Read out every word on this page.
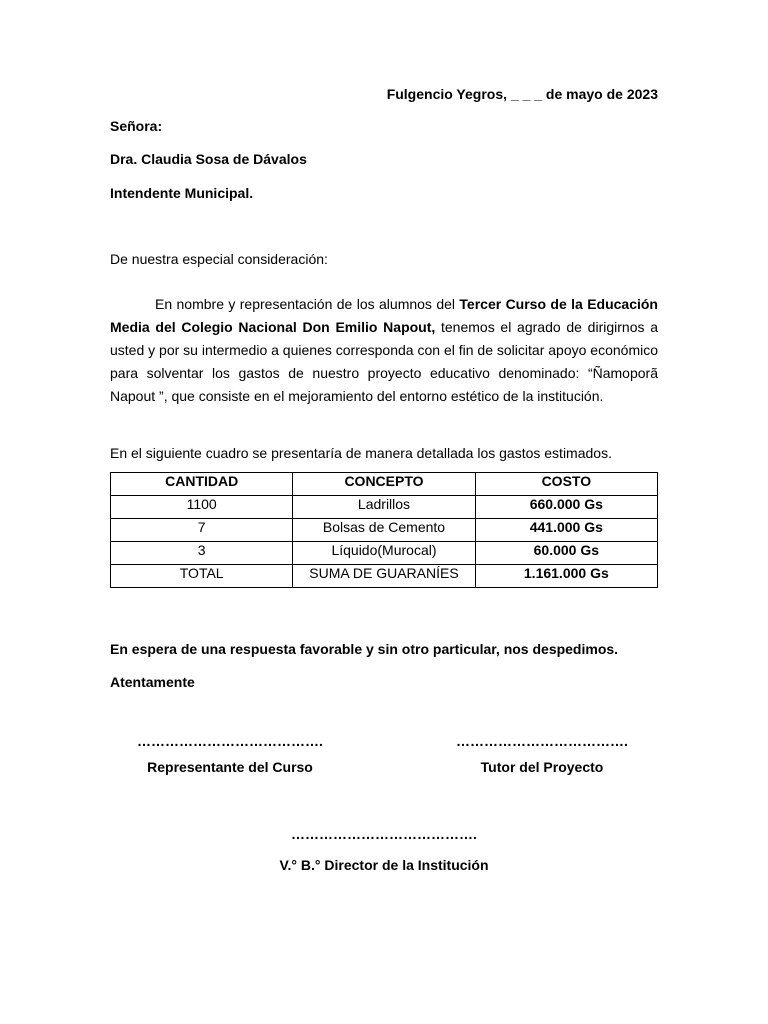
Fulgencio Yegros, _ _ _ de mayo de 2023

Señora:

Dra. Claudia Sosa de Dávalos

Intendente Municipal.

De nuestra especial consideración:

En nombre y representación de los alumnos del Tercer Curso de la Educación Media del Colegio Nacional Don Emilio Napout, tenemos el agrado de dirigirnos a usted y por su intermedio a quienes corresponda con el fin de solicitar apoyo económico para solventar los gastos de nuestro proyecto educativo denominado: “Ñamoporã Napout ”, que consiste en el mejoramiento del entorno estético de la institución.

En el siguiente cuadro se presentaría de manera detallada los gastos estimados.

CANTIDAD	CONCEPTO	COSTO
1100	Ladrillos	660.000 Gs
7	Bolsas de Cemento	441.000 Gs
3	Líquido(Murocal)	60.000 Gs
TOTAL	SUMA DE GUARANÍES	1.161.000 Gs

En espera de una respuesta favorable y sin otro particular, nos despedimos.

Atentamente

………………………………….
Representante del Curso
……………………………….
Tutor del Proyecto
………………………………….
V.° B.° Director de la Institución
